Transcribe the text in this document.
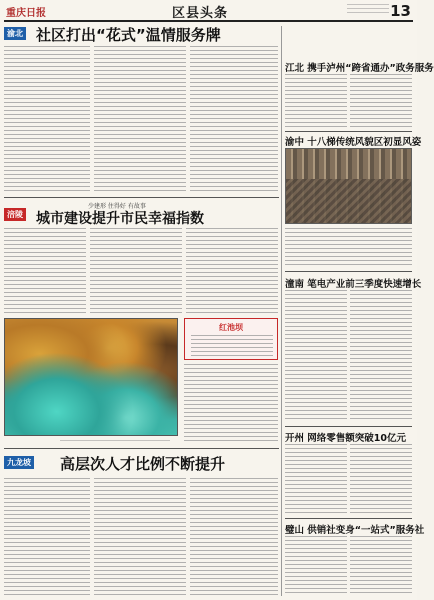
重庆日报	区县头条	13
渝北 社区打出“花式”温情服务牌
涪陵
少建形 住得好 有故事
城市建设提升市民幸福指数
红池坝
九龙坡 高层次人才比例不断提升
江北 携手泸州“跨省通办”政务服务
渝中 十八梯传统风貌区初显风姿
潼南 笔电产业前三季度快速增长
开州 网络零售额突破10亿元
璧山 供销社变身“一站式”服务社
